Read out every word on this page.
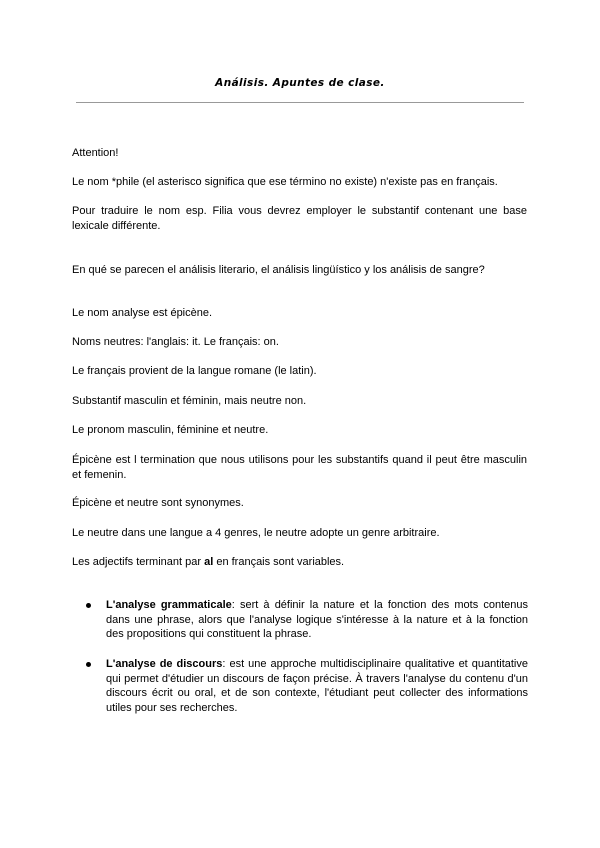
Análisis. Apuntes de clase.

Attention!

Le nom *phile (el asterisco significa que ese término no existe) n'existe pas en français.

Pour traduire le nom esp. Filia vous devrez employer le substantif contenant une base lexicale différente.

En qué se parecen el análisis literario, el análisis lingüístico y los análisis de sangre?

Le nom analyse est épicène.

Noms neutres: l'anglais: it. Le français: on.

Le français provient de la langue romane (le latin).

Substantif masculin et féminin, mais neutre non.

Le pronom masculin, féminine et neutre.

Épicène est l termination que nous utilisons pour les substantifs quand il peut être masculin et femenin.

Épicène et neutre sont synonymes.

Le neutre dans une langue a 4 genres, le neutre adopte un genre arbitraire.

Les adjectifs terminant par al en français sont variables.

L'analyse grammaticale: sert à définir la nature et la fonction des mots contenus dans une phrase, alors que l'analyse logique s'intéresse à la nature et à la fonction des propositions qui constituent la phrase.
L'analyse de discours: est une approche multidisciplinaire qualitative et quantitative qui permet d'étudier un discours de façon précise. À travers l'analyse du contenu d'un discours écrit ou oral, et de son contexte, l'étudiant peut collecter des informations utiles pour ses recherches.
